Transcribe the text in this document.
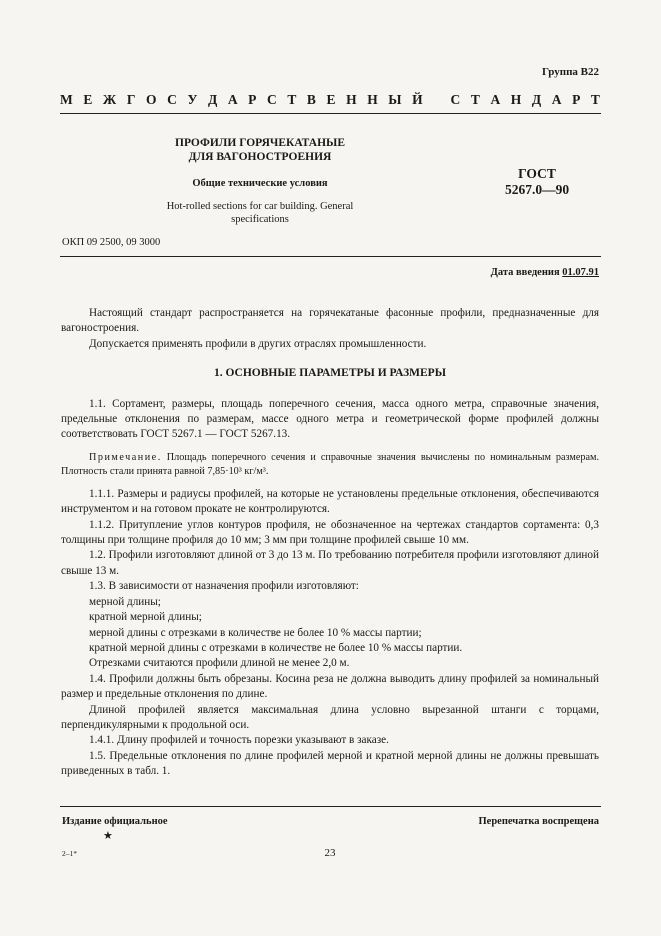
Группа В22
М Е Ж Г О С У Д А Р С Т В Е Н Н Ы Й
С Т А Н Д А Р Т
ПРОФИЛИ ГОРЯЧЕКАТАНЫЕ ДЛЯ ВАГОНОСТРОЕНИЯ
Общие технические условия
Hot-rolled sections for car building. General specifications
ГОСТ
5267.0—90
ОКП 09 2500, 09 3000
Дата введения 01.07.91

Настоящий стандарт распространяется на горячекатаные фасонные профили, предназначенные для вагоностроения.

Допускается применять профили в других отраслях промышленности.

1. ОСНОВНЫЕ ПАРАМЕТРЫ И РАЗМЕРЫ

1.1. Сортамент, размеры, площадь поперечного сечения, масса одного метра, справочные значения, предельные отклонения по размерам, массе одного метра и геометрической форме профилей должны соответствовать ГОСТ 5267.1 — ГОСТ 5267.13.

Примечание. Площадь поперечного сечения и справочные значения вычислены по номинальным размерам. Плотность стали принята равной 7,85·10³ кг/м³.

1.1.1. Размеры и радиусы профилей, на которые не установлены предельные отклонения, обеспечиваются инструментом и на готовом прокате не контролируются.

1.1.2. Притупление углов контуров профиля, не обозначенное на чертежах стандартов сортамента: 0,3 толщины при толщине профиля до 10 мм; 3 мм при толщине профилей свыше 10 мм.

1.2. Профили изготовляют длиной от 3 до 13 м. По требованию потребителя профили изготовляют длиной свыше 13 м.

1.3. В зависимости от назначения профили изготовляют:

мерной длины;

кратной мерной длины;

мерной длины с отрезками в количестве не более 10 % массы партии;

кратной мерной длины с отрезками в количестве не более 10 % массы партии.

Отрезками считаются профили длиной не менее 2,0 м.

1.4. Профили должны быть обрезаны. Косина реза не должна выводить длину профилей за номинальный размер и предельные отклонения по длине.

Длиной профилей является максимальная длина условно вырезанной штанги с торцами, перпендикулярными к продольной оси.

1.4.1. Длину профилей и точность порезки указывают в заказе.

1.5. Предельные отклонения по длине профилей мерной и кратной мерной длины не должны превышать приведенных в табл. 1.

Издание официальное	Перепечатка воспрещена
★
2–1*	23
